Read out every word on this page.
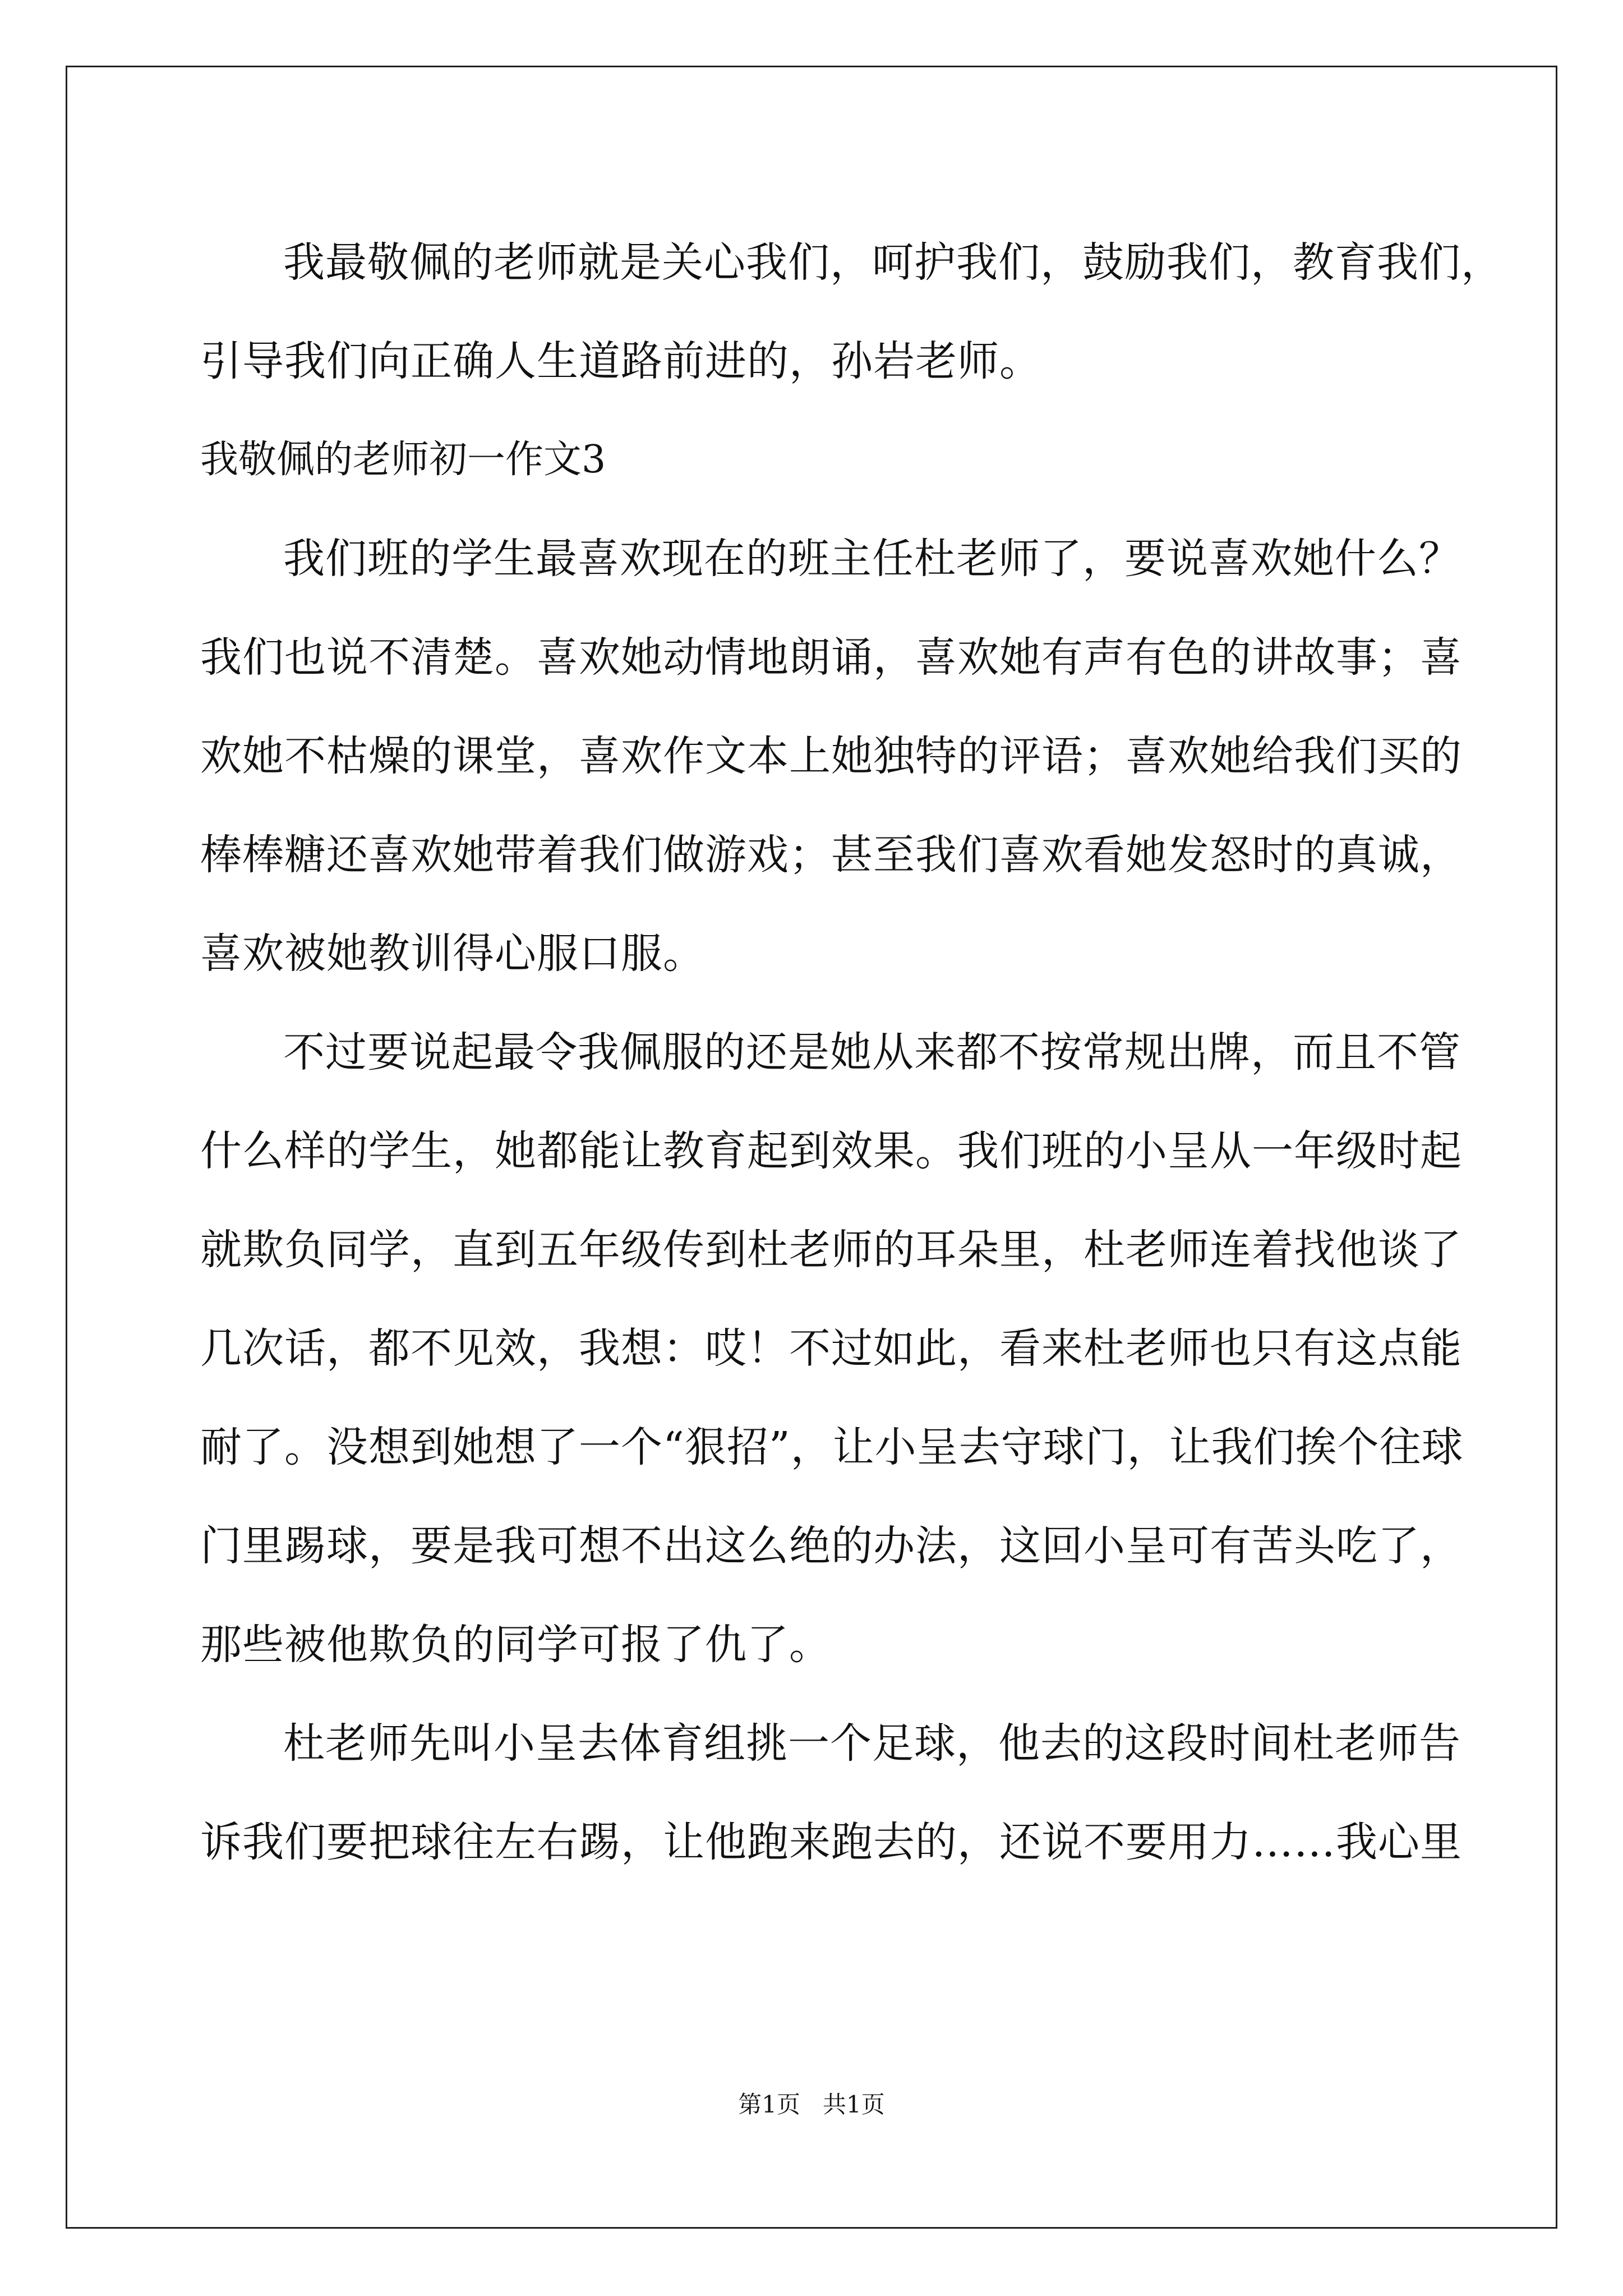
我最敬佩的老师就是关心我们，呵护我们，鼓励我们，教育我们，
引导我们向正确人生道路前进的，孙岩老师。
我敬佩的老师初一作文3
我们班的学生最喜欢现在的班主任杜老师了，要说喜欢她什么？
我们也说不清楚。喜欢她动情地朗诵，喜欢她有声有色的讲故事；喜
欢她不枯燥的课堂，喜欢作文本上她独特的评语；喜欢她给我们买的
棒棒糖还喜欢她带着我们做游戏；甚至我们喜欢看她发怒时的真诚，
喜欢被她教训得心服口服。
不过要说起最令我佩服的还是她从来都不按常规出牌，而且不管
什么样的学生，她都能让教育起到效果。我们班的小呈从一年级时起
就欺负同学，直到五年级传到杜老师的耳朵里，杜老师连着找他谈了
几次话，都不见效，我想：哎！不过如此，看来杜老师也只有这点能
耐了。没想到她想了一个“狠招”，让小呈去守球门，让我们挨个往球
门里踢球，要是我可想不出这么绝的办法，这回小呈可有苦头吃了，
那些被他欺负的同学可报了仇了。
杜老师先叫小呈去体育组挑一个足球，他去的这段时间杜老师告
诉我们要把球往左右踢，让他跑来跑去的，还说不要用力……我心里
第1页   共1页
